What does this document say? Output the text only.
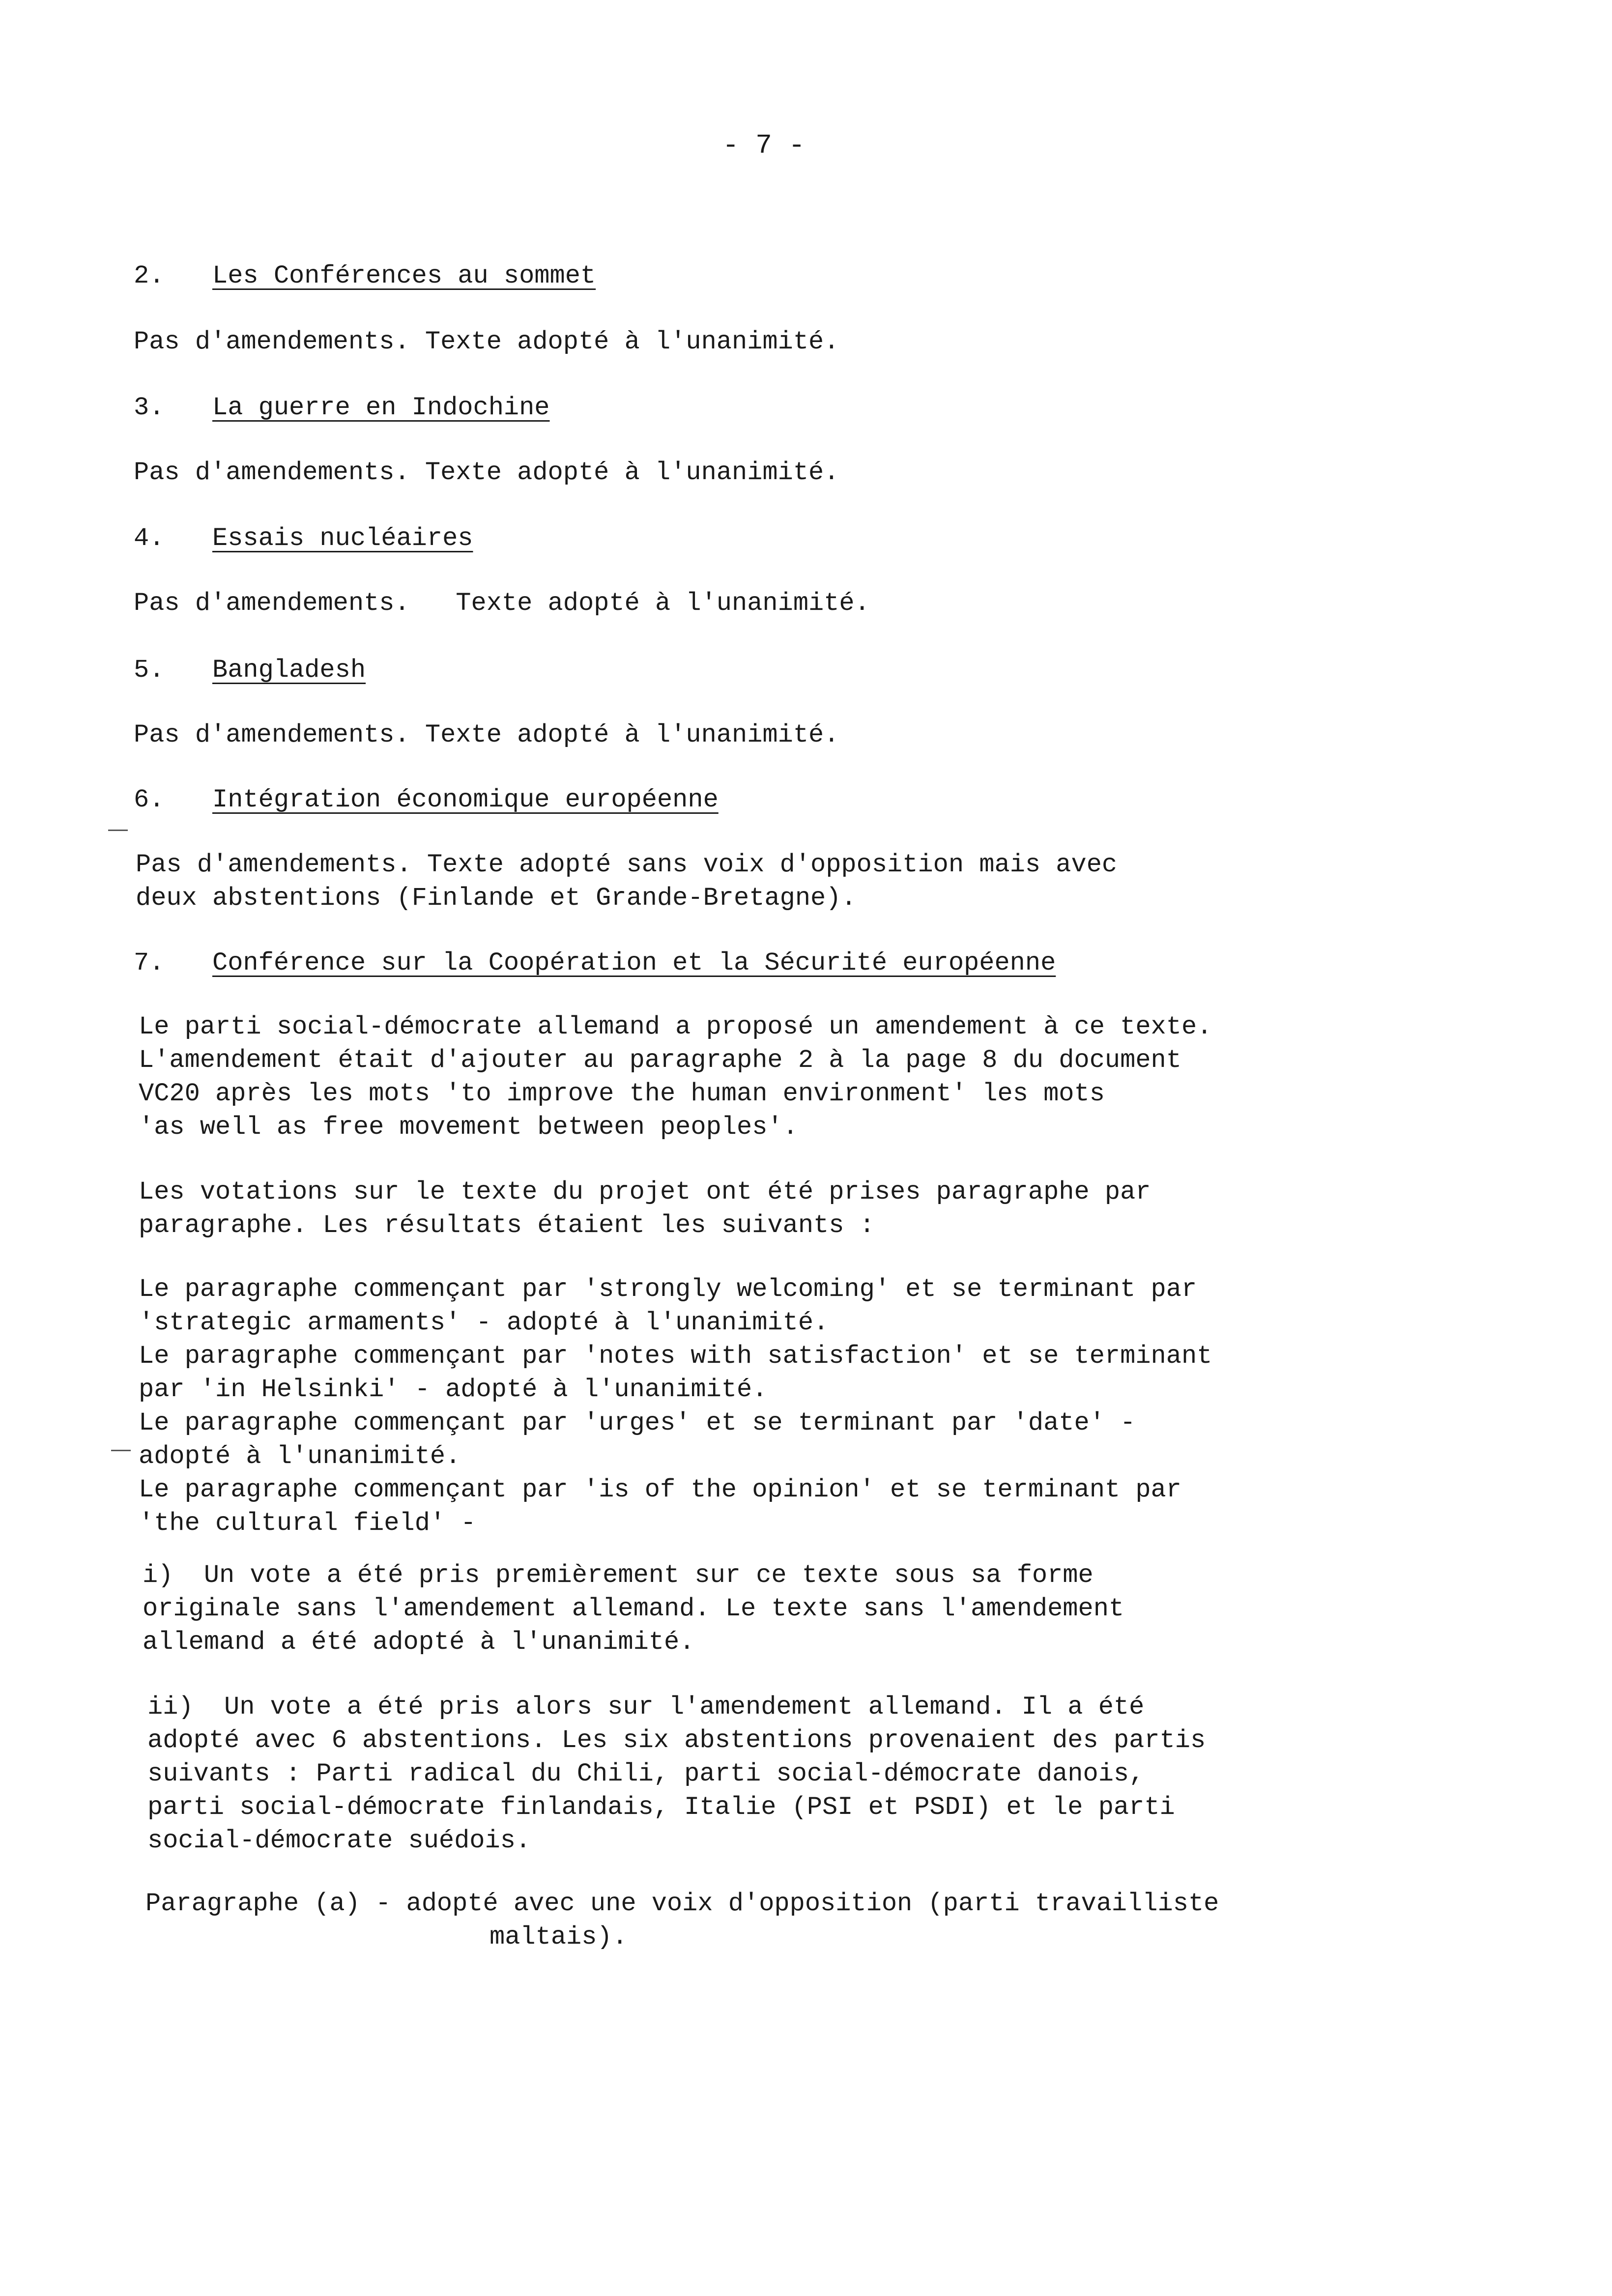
- 7 -
2. Les Conférences au sommet
Pas d'amendements. Texte adopté à l'unanimité.
3. La guerre en Indochine
Pas d'amendements. Texte adopté à l'unanimité.
4. Essais nucléaires
Pas d'amendements.   Texte adopté à l'unanimité.
5. Bangladesh
Pas d'amendements. Texte adopté à l'unanimité.
6. Intégration économique européenne
Pas d'amendements. Texte adopté sans voix d'opposition mais avec
deux abstentions (Finlande et Grande-Bretagne).
7. Conférence sur la Coopération et la Sécurité européenne
Le parti social-démocrate allemand a proposé un amendement à ce texte.
L'amendement était d'ajouter au paragraphe 2 à la page 8 du document
VC20 après les mots 'to improve the human environment' les mots
'as well as free movement between peoples'.
Les votations sur le texte du projet ont été prises paragraphe par
paragraphe. Les résultats étaient les suivants :
Le paragraphe commençant par 'strongly welcoming' et se terminant par
'strategic armaments' - adopté à l'unanimité.
Le paragraphe commençant par 'notes with satisfaction' et se terminant
par 'in Helsinki' - adopté à l'unanimité.
Le paragraphe commençant par 'urges' et se terminant par 'date' -
adopté à l'unanimité.
Le paragraphe commençant par 'is of the opinion' et se terminant par
'the cultural field' -
i)  Un vote a été pris premièrement sur ce texte sous sa forme
originale sans l'amendement allemand. Le texte sans l'amendement
allemand a été adopté à l'unanimité.
ii)  Un vote a été pris alors sur l'amendement allemand. Il a été
adopté avec 6 abstentions. Les six abstentions provenaient des partis
suivants : Parti radical du Chili, parti social-démocrate danois,
parti social-démocrate finlandais, Italie (PSI et PSDI) et le parti
social-démocrate suédois.
Paragraphe (a) - adopté avec une voix d'opposition (parti travailliste
maltais).
